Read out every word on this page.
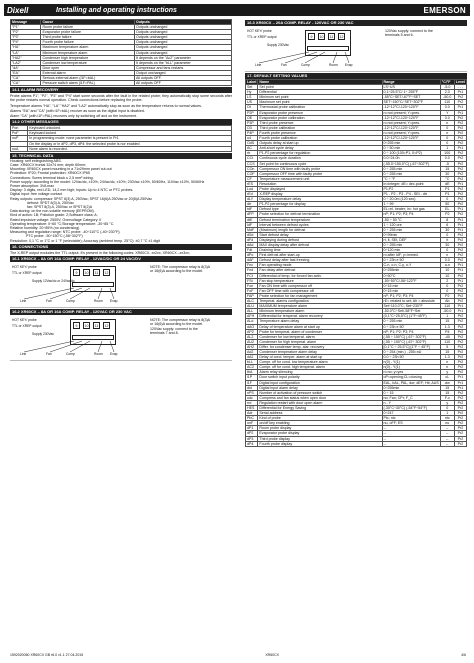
Dixell	Installing and operating instructions	EMERSON
Message	Cause	Outputs
"P1"	Room probe failure	Outputs unchanged
"P2"	Evaporator probe failure	Outputs unchanged
"P3"	Third probe failure	Outputs unchanged
"P4"	Fourth probe failure	Outputs unchanged
"HA"	Maximum temperature alarm	Outputs unchanged
"LA"	Minimum temperature alarm	Outputs unchanged
"HA2"	Condenser high temperature	It depends on the "Ac2" parameter
"LA2"	Condenser low temperature	It depends on the "bLL" parameter
"dA"	Door open	Compressor and fans restarts
"EA"	External alarm	Output unchanged
"CA"	Serious external alarm (i1F=bAL)	All outputs OFF.
"CA"	Pressure switch alarm (i1F=PAL)	All outputs OFF
14.1 ALARM RECOVERY
Probe alarms P1", "P2", "P3" and "P4" start some seconds after the fault in the related probe; they automatically stop some seconds after the probe restarts normal operation. Check connections before replacing the probe.
Temperature alarms "HA", "LA" "HA2" and "LA2" automatically stop as soon as the temperature returns to normal values.
Alarms "EA" and "CA" (with i1F=bAL) recover as soon as the digital input is disabled.
Alarm "CA" (with i1F=PAL) recovers only by switching off and on the instrument.
14.2 OTHER MESSAGES
Pon	Keyboard unlocked.
PoF	Keyboard locked
noP	In programming mode: none parameter is present in Pr1
	On the display or in dP2, dP3, dP4: the selected probe is nor enabled
noA	None alarm is recorded.
15. TECHNICAL DATA
Housing: self extinguishing ABS.
Case: XR60CX frontal 32x74 mm; depth 60mm;
Mounting: XR60CX panel mounting in a 71x29mm panel cut-out
Protection: IP20; Frontal protection: XR60CX IP65
Connections: Screw terminal block ≤ 2,5 mm² wiring.
Power supply: according to the model: 12Vac/dc, ±10%; 24Vac/dc, ±10%; 230Vac ±10%, 50/60Hz, 110Vac ±10%, 50/60Hz
Power absorption: 3VA max
Display: 3 digits, red LED, 14,2 mm high; Inputs: Up to 4 NTC or PTC probes.
Digital input: free voltage contact
Relay outputs: compressor SPST 8(3) A, 250Vac; SPST 16(6)A 250Vac or 20(8)A 250Vac
defrost: SPDT 8(3) A, 250Vac
fan: SPST 8(3) A, 250Vac or SPST 5(2)A
Data storing: on the non-volatile memory (EEPROM).
Kind of action: 1B; Pollution grade: 2;Software class: A;
Rated impulsive voltage: 2500V; Overvoltage Category: II
Operating temperature: 0÷60 °C;Storage temperature: -30÷85 °C.
Relative humidity: 20÷85% (no condensing)
Measuring and regulation range: NTC probe: -40÷110°C (-40÷230°F);
PTC probe: -50÷150°C (-58÷302°F)
Resolution: 0,1 °C or 1°C or 1 °F (selectable); Accuracy (ambient temp. 25°C): ±0,7 °C ±1 digit
16. CONNECTIONS
The X-REP output excludes the TTL output. It's present in the following codes: XR60CX- xx2xx, XR60CX –xx3xx;
16.1 XR60CX – 8A OR 16A COMP. RELAY - 12VAC/DC OR 24 VAC/DV
9	10	11	12
HOT KEY/ probe
TTL or XREP output
Supply 12Vac/dc or 24Vac/dc
Line	Fan	Comp	Room Evap
NOTE: The compressor relay is 8(3)A or 16(6)A according to the model.
16.2 XR60CX – 8A OR 16A COMP. RELAY - 120VAC OR 230 VAC
9	10	11	12
HOT KEY/ probe
TTL or XREP output
Supply 230Vac
Line	Fan	Comp	Room Evap
NOTE: The compressor relay is 8(3)A or 16(6)A according to the model. 120Vac supply: connect to the terminals 7 and 8.
16.3 XR60CX – 20A COMP. RELAY - 120VAC OR 230 VAC
9	10	11	12
HOT KEY/ probe
TTL or XREP output
Supply 230Vac
Line	Fan	Comp	Room Evap
120Vac supply: connect to the terminals 5 and 6.
17. DEFAULT SETTING VALUES
Label	Name	Range	°C/°F	Level
Set	Set point	LS÷US	-5.0	- - -
Hy	Differential	0,1÷25.5°C/ 1÷ 255°F	2.0	Pr1
LS	Minimum set point	-55°C÷SET/-67°F÷SET	-50.0	Pr2
US	Maximum set point	SET÷150°C/ SET÷302°F	110	Pr2
Ot	Thermostat probe calibration	-12÷12°C/-120÷120°F	0.0	Pr1
P2P	Evaporator probe presence	n=not present; Y=pres.	Y	Pr1
OE	Evaporator probe calibration	-12÷12°C/-120÷120°F	0.0	Pr2
P3P	Third probe presence	n=not present; Y=pres.	n	Pr2
O3	Third probe calibration	-12÷12°C/-120÷120°F	0	Pr2
P4P	Fourth probe presence	n=not present; Y=pres.	n	Pr2
o4	Fourth probe calibration	-12÷12°C/-120÷120°F	0	Pr2
OdS	Outputs delay at start up	0÷255 min	0	Pr2
AC	Anti-short cycle delay	0 ÷ 50 min	1	Pr1
rtr	P1-P2 percentage for regulation	0 ÷ 100 (100=P1, 0=P2)	100	Pr2
CCt	Continuous cycle duration	0.0÷24.0h	0.0	Pr2
CCS	Set point for continuous cycle	(-55.0÷150,0°C) (-67÷302°F)	-5	Pr2
COn	Compressor ON time with faulty probe	0 ÷ 255 min	15	Pr2
COF	Compressor OFF time with faulty probe	0 ÷ 255 min	30	Pr2
CF	Temperature measurement unit	°C ÷ °F	°C	Pr2
rES	Resolution	in=integer; dE= dec.point	dE	Pr1
Lod	Probe displayed	P1;P2	P1	Pr2
rEd	X-REP display	P1 - P2 - P3 - P4 - SEt - dtr	P1	Pr2
dLY	Display temperature delay	0 ÷ 20.0m (120 sec)	0	Pr2
dtr	P1-P2 percentage for display	1 ÷ 99	50	Pr2
tdF	Defrost type	EL=el. heater; in= hot gas	EL	Pr1
dFP	Probe selection for defrost termination	nP; P1; P2; P3; P4	P2	Pr2
dtE	Defrost termination temperature	-50 ÷ 50 °C	8	Pr1
IdF	Interval between defrost cycles	1 ÷ 120 ore	6	Pr1
MdF	(Maximum) length for defrost	0 ÷ 255 min	30	Pr1
dSd	Start defrost delay	0÷99min	0	Pr2
dFd	Displaying during defrost	rt, it, SEt, DEF	it	Pr2
dAd	MAX display delay after defrost	0 ÷ 255 min	30	Pr2
Fdt	Draining time	0÷120 min	0	Pr2
dPo	First defrost after start-up	n=after IdF; y=immed.	n	Pr2
dAF	Defrost delay after fast freezing	0 ÷ 23h e 50'	0.0	Pr2
Fnc	Fan operating mode	C-n, o-n, C-y, o-Y	o-n	Pr1
Fnd	Fan delay after defrost	0÷255min	10	Pr1
FCt	Differential of temp. for forced fan activ.	0÷50°C	10	Pr2
FSt	Fan stop temperature	-50÷50°C/-58÷122°F	2	Pr1
Fon	Fan ON time with compressor off	0÷15 min	0	Pr2
FoF	Fan OFF time with compressor off	0÷15 min	0	Pr2
FAP	Probe selection for fan management	nP; P1; P2; P3; P4	P2	Pr2
ALC	Temperat. alarms configuration	rE= related to set; Ab = absolute	Ab	Pr2
ALU	MAXIMUM temperature alarm	Set÷110.0°C; Set÷230°F	110	Pr1
ALL	Minimum temperature alarm	-50.0°C÷Set/-58°F÷Set	-50.0	Pr1
AFH	Differential for temperat. alarm recovery	(0,1°C÷25,5°C) (1°F÷45°F)	1	Pr2
ALd	Temperature alarm delay	0 ÷ 255 min	15	Pr2
dAO	Delay of temperature alarm at start up	0 ÷ 23h e 50'	1.3	Pr2
AP2	Probe for temperat. alarm of condenser	nP; P1; P2; P3; P4	P4	Pr2
AL2	Condenser for low temperat. alarm	(-55 ÷ 150°C) (-67÷ 302°F)	-40	Pr2
AU2	Condenser for high temperat. alarm	(-55 ÷ 150°C) (-67÷ 302°F)	110	Pr2
AH2	Differ. for condenser temp. alar. recovery	[0,1°C ÷ 25,5°C] [1°F ÷ 45°F]	5	Pr2
Ad2	Condenser temperature alarm delay	0 ÷ 254 (min.) , 255=nU	15	Pr2
dA2	Delay of cond. temper. alarm at start up	0.0 ÷ 23h 50'	1.3	Pr2
bLL	Compr. off for cond. low temperature alarm	n(0) - Y(1)	n	Pr2
AC2	Compr. off for cond. high temperat. alarm	n(0) - Y(1)	n	Pr2
tbA	Alarm relay silencing	n=no; y=yes	y	Pr2
i1P	Door switch input polarity	oP=opening;CL=closing	cL	Pr1
i1F	Digital input configuration	EAL, bAL, PAL, dor; dEF; Htr, AUS	dor	Pr1
did	Digital input alarm delay	0÷255min	15	Pr1
nPS	Number of activation of pressure switch	0 ÷ 15	15	Pr2
odc	Compress and fan status when open door	no; Fan; CPr; F_C	F-c	Pr2
rrd	Regulation restart with door open alarm	n - Y	y	Pr2
HES	Differential for Energy Saving	(-30°C÷30°C) (-54°F÷54°F)	0	Pr2
Adr	Serial address	0÷247	1	Pr2
PbC	Kind of probe	Ptc; ntc	ntc	Pr2
onF	on/off key enabling	nu, oFF; ES	nu	Pr2
dP1	Room probe display	--	--	Pr2
dP2	Evaporator probe display	--	--	Pr2
dP3	Third probe display	--	--	Pr2
dP4	Fourth probe display	--	--	Pr2
1592020060 XR60CX GB r6.0 v1.1 27.04.2015	XR60CX	4/6
